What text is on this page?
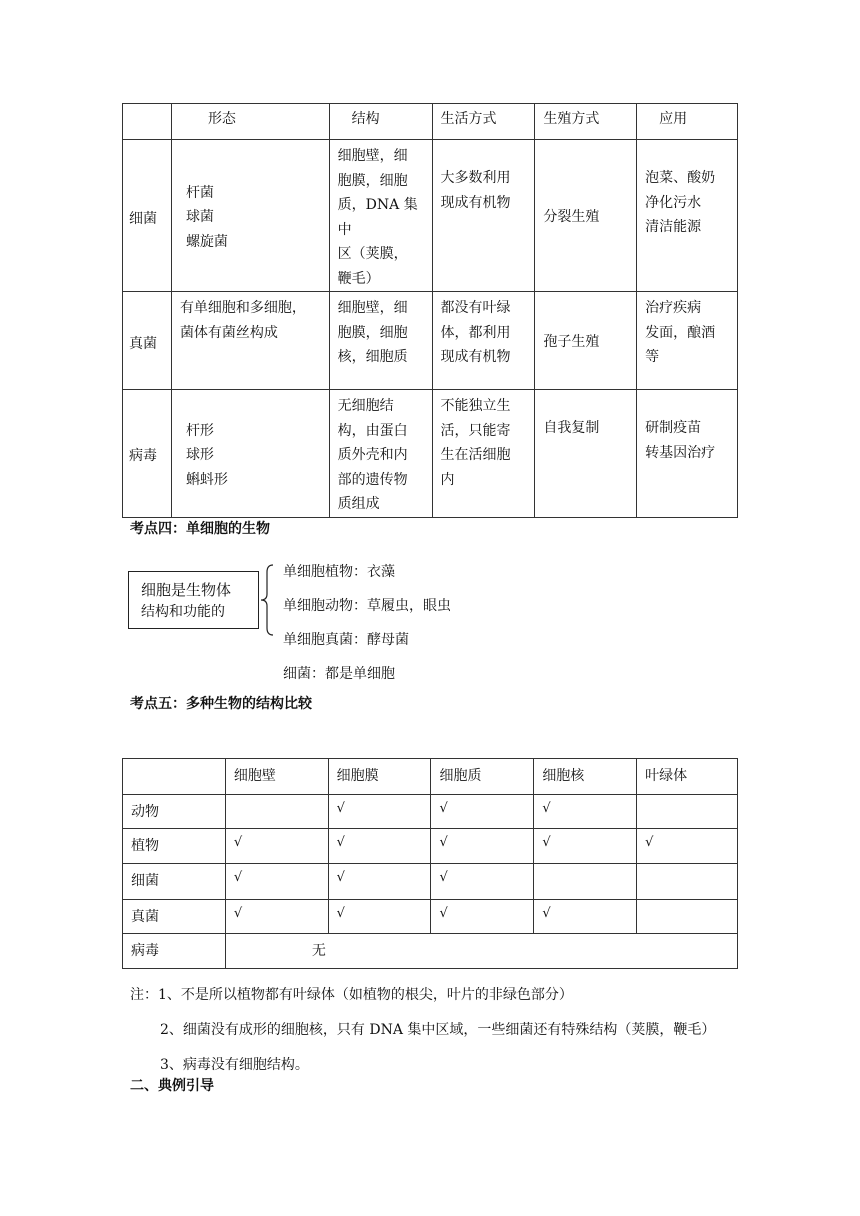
	形态	结构	生活方式	生殖方式	应用

细菌	杆菌
球菌
螺旋菌	细胞壁，细
胞膜，细胞
质，DNA 集中
区（荚膜，
鞭毛）	大多数利用
现成有机物	分裂生殖	泡菜、酸奶
净化污水
清洁能源

真菌	有单细胞和多细胞，
菌体有菌丝构成	细胞壁，细
胞膜，细胞
核，细胞质	都没有叶绿
体，都利用
现成有机物	孢子生殖	治疗疾病
发面，酿酒
等

病毒	杆形
球形
蝌蚪形	无细胞结
构，由蛋白
质外壳和内
部的遗传物
质组成	不能独立生
活，只能寄
生在活细胞
内	自我复制	研制疫苗
转基因治疗
考点四：单细胞的生物
细胞是生物体
结构和功能的
单细胞植物：衣藻
单细胞动物：草履虫，眼虫
单细胞真菌：酵母菌
细菌：都是单细胞
考点五：多种生物的结构比较
	细胞壁	细胞膜	细胞质	细胞核	叶绿体
动物		√	√	√	
植物	√	√	√	√	√
细菌	√	√	√		
真菌	√	√	√	√	
病毒	无				
注：1、不是所以植物都有叶绿体（如植物的根尖，叶片的非绿色部分）
2、细菌没有成形的细胞核，只有 DNA 集中区域，一些细菌还有特殊结构（荚膜，鞭毛）
3、病毒没有细胞结构。
二、典例引导
